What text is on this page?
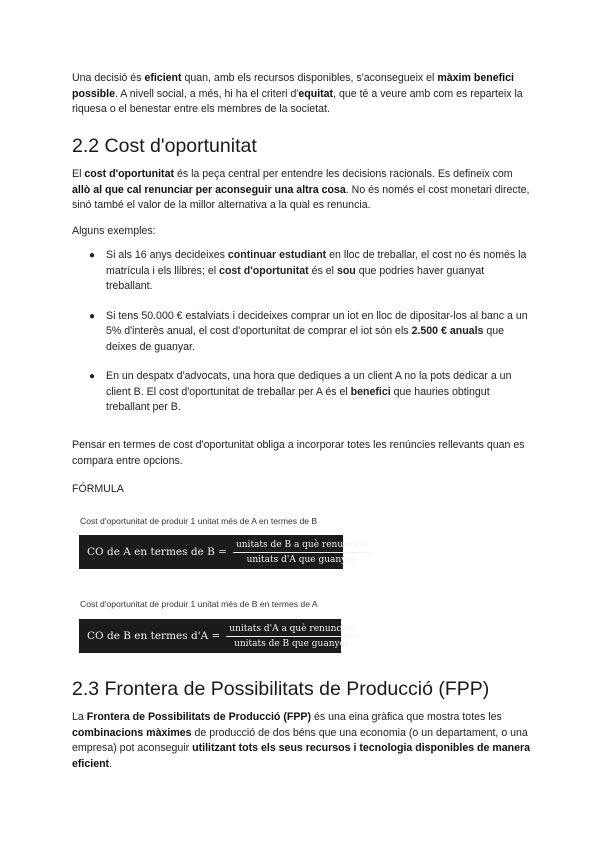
Una decisió és eficient quan, amb els recursos disponibles, s'aconsegueix el màxim benefici possible. A nivell social, a més, hi ha el criteri d'equitat, que té a veure amb com es reparteix la riquesa o el benestar entre els membres de la societat.

2.2 Cost d'oportunitat

El cost d'oportunitat és la peça central per entendre les decisions racionals. Es defineix com allò al que cal renunciar per aconseguir una altra cosa. No és només el cost monetari directe, sinó també el valor de la millor alternativa a la qual es renuncia.

Alguns exemples:

● Si als 16 anys decideixes continuar estudiant en lloc de treballar, el cost no és només la matrícula i els llibres; el cost d'oportunitat és el sou que podries haver guanyat treballant.
● Si tens 50.000 € estalviats i decideixes comprar un iot en lloc de dipositar-los al banc a un 5% d'interès anual, el cost d'oportunitat de comprar el iot són els 2.500 € anuals que deixes de guanyar.
● En un despatx d'advocats, una hora que dediques a un client A no la pots dedicar a un client B. El cost d'oportunitat de treballar per A és el benefici que hauries obtingut treballant per B.

Pensar en termes de cost d'oportunitat obliga a incorporar totes les renúncies rellevants quan es compara entre opcions.

FÓRMULA

Cost d'oportunitat de produir 1 unitat més de A en termes de B
CO de A en termes de $B = \frac{\text{unitats de B a què renuncies}}{\text{unitats d'A que guanyes}}$
Cost d'oportunitat de produir 1 unitat més de B en termes de A
CO de B en termes $d'A = \frac{\text{unitats d'A a què renuncies}}{\text{unitats de B que guanyes}}$
2.3 Frontera de Possibilitats de Producció (FPP)

La Frontera de Possibilitats de Producció (FPP) és una eina gràfica que mostra totes les combinacions màximes de producció de dos béns que una economia (o un departament, o una empresa) pot aconseguir utilitzant tots els seus recursos i tecnologia disponibles de manera eficient.
